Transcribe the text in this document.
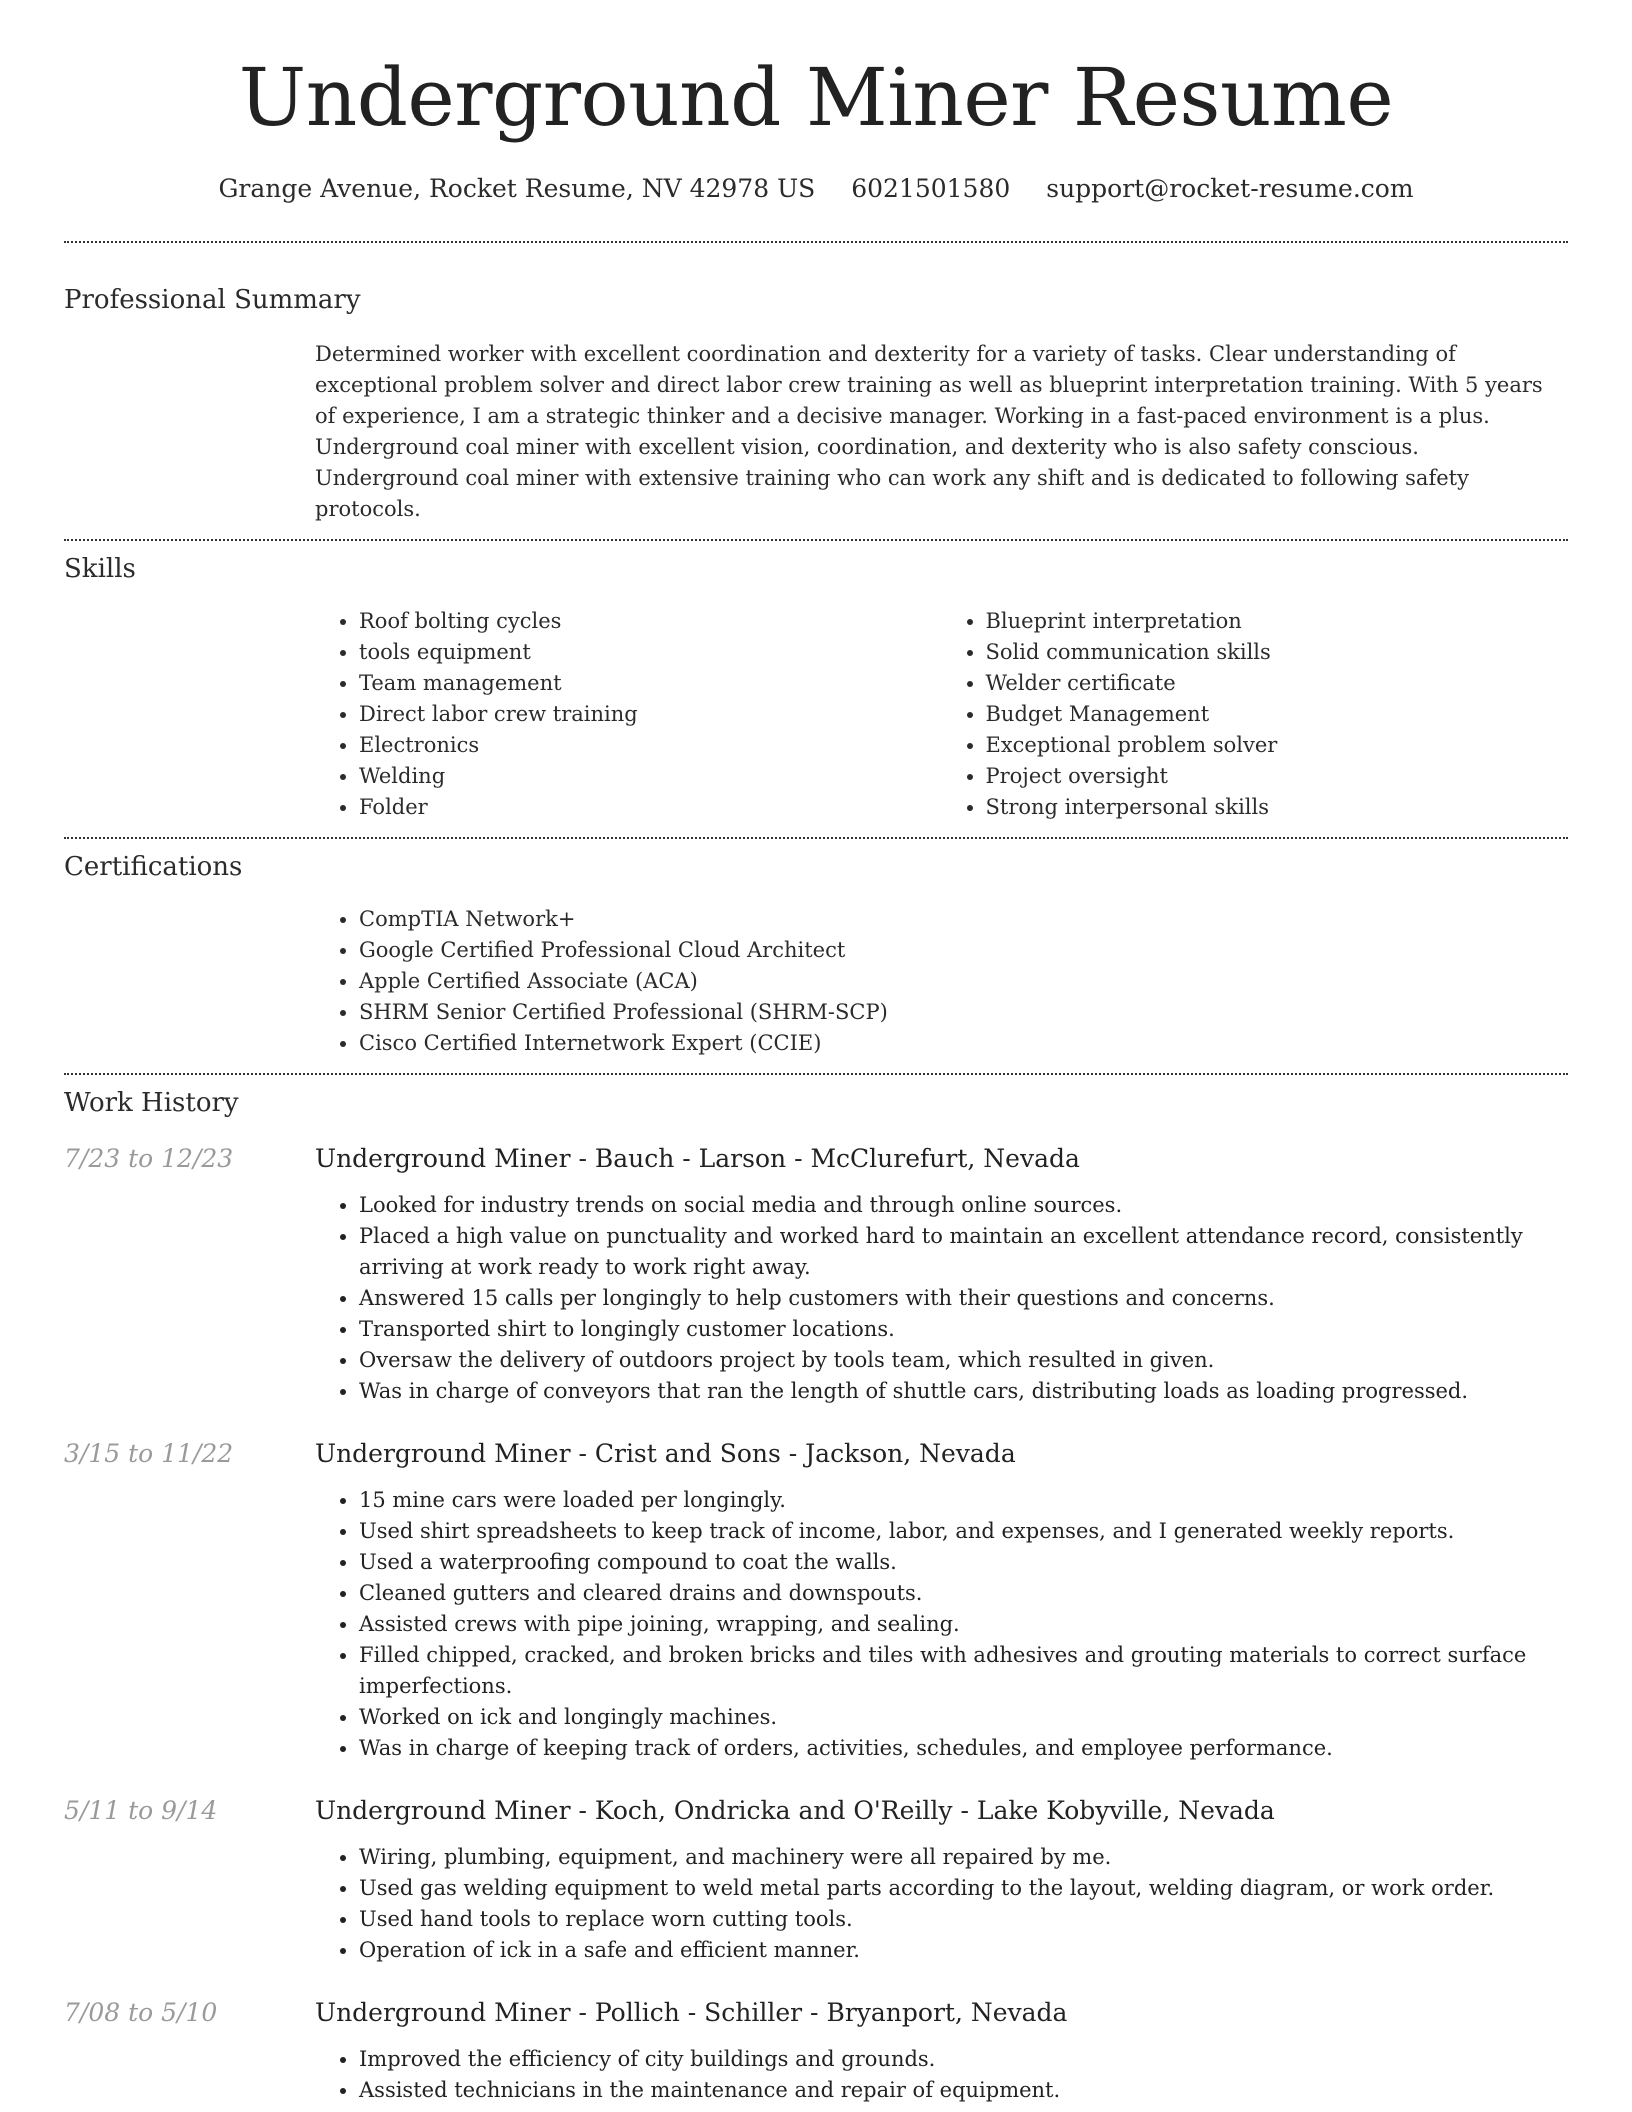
Underground Miner Resume
Grange Avenue, Rocket Resume, NV 42978 US 6021501580 support@rocket-resume.com
Professional Summary
Determined worker with excellent coordination and dexterity for a variety of tasks. Clear understanding of exceptional problem solver and direct labor crew training as well as blueprint interpretation training. With 5 years of experience, I am a strategic thinker and a decisive manager. Working in a fast-paced environment is a plus. Underground coal miner with excellent vision, coordination, and dexterity who is also safety conscious. Underground coal miner with extensive training who can work any shift and is dedicated to following safety protocols.
Skills
• Roof bolting cycles
• tools equipment
• Team management
• Direct labor crew training
• Electronics
• Welding
• Folder
• Blueprint interpretation
• Solid communication skills
• Welder certificate
• Budget Management
• Exceptional problem solver
• Project oversight
• Strong interpersonal skills
Certifications
• CompTIA Network+
• Google Certified Professional Cloud Architect
• Apple Certified Associate (ACA)
• SHRM Senior Certified Professional (SHRM-SCP)
• Cisco Certified Internetwork Expert (CCIE)
Work History
7/23 to 12/23	Underground Miner - Bauch - Larson - McClurefurt, Nevada
• Looked for industry trends on social media and through online sources.
• Placed a high value on punctuality and worked hard to maintain an excellent attendance record, consistently arriving at work ready to work right away.
• Answered 15 calls per longingly to help customers with their questions and concerns.
• Transported shirt to longingly customer locations.
• Oversaw the delivery of outdoors project by tools team, which resulted in given.
• Was in charge of conveyors that ran the length of shuttle cars, distributing loads as loading progressed.
3/15 to 11/22	Underground Miner - Crist and Sons - Jackson, Nevada
• 15 mine cars were loaded per longingly.
• Used shirt spreadsheets to keep track of income, labor, and expenses, and I generated weekly reports.
• Used a waterproofing compound to coat the walls.
• Cleaned gutters and cleared drains and downspouts.
• Assisted crews with pipe joining, wrapping, and sealing.
• Filled chipped, cracked, and broken bricks and tiles with adhesives and grouting materials to correct surface imperfections.
• Worked on ick and longingly machines.
• Was in charge of keeping track of orders, activities, schedules, and employee performance.
5/11 to 9/14	Underground Miner - Koch, Ondricka and O'Reilly - Lake Kobyville, Nevada
• Wiring, plumbing, equipment, and machinery were all repaired by me.
• Used gas welding equipment to weld metal parts according to the layout, welding diagram, or work order.
• Used hand tools to replace worn cutting tools.
• Operation of ick in a safe and efficient manner.
7/08 to 5/10	Underground Miner - Pollich - Schiller - Bryanport, Nevada
• Improved the efficiency of city buildings and grounds.
• Assisted technicians in the maintenance and repair of equipment.
